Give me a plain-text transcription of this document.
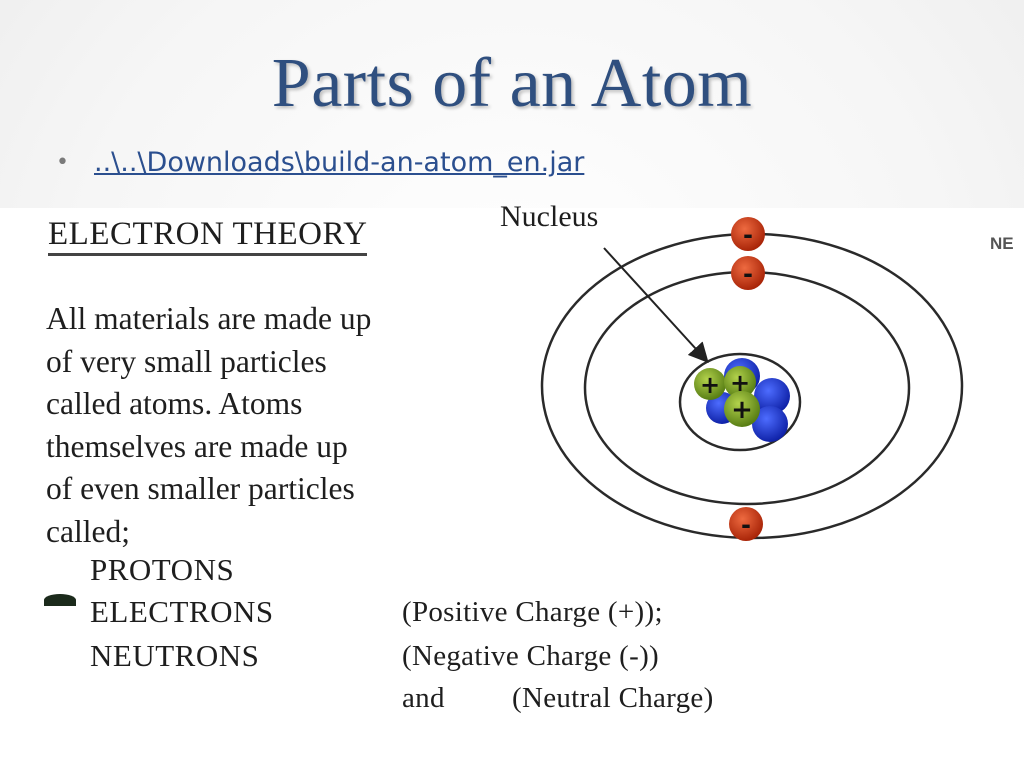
Parts of an Atom
• ..\..\Downloads\build-an-atom_en.jar
ELECTRON THEORY
All materials are made up
of very small particles
called atoms. Atoms
themselves are made up
of even smaller particles
called;
PROTONS
ELECTRONS
NEUTRONS
(Positive Charge (+));
(Negative Charge (-))
and (Neutral Charge)
Nucleus
NE
+ +
+
-
-
-
